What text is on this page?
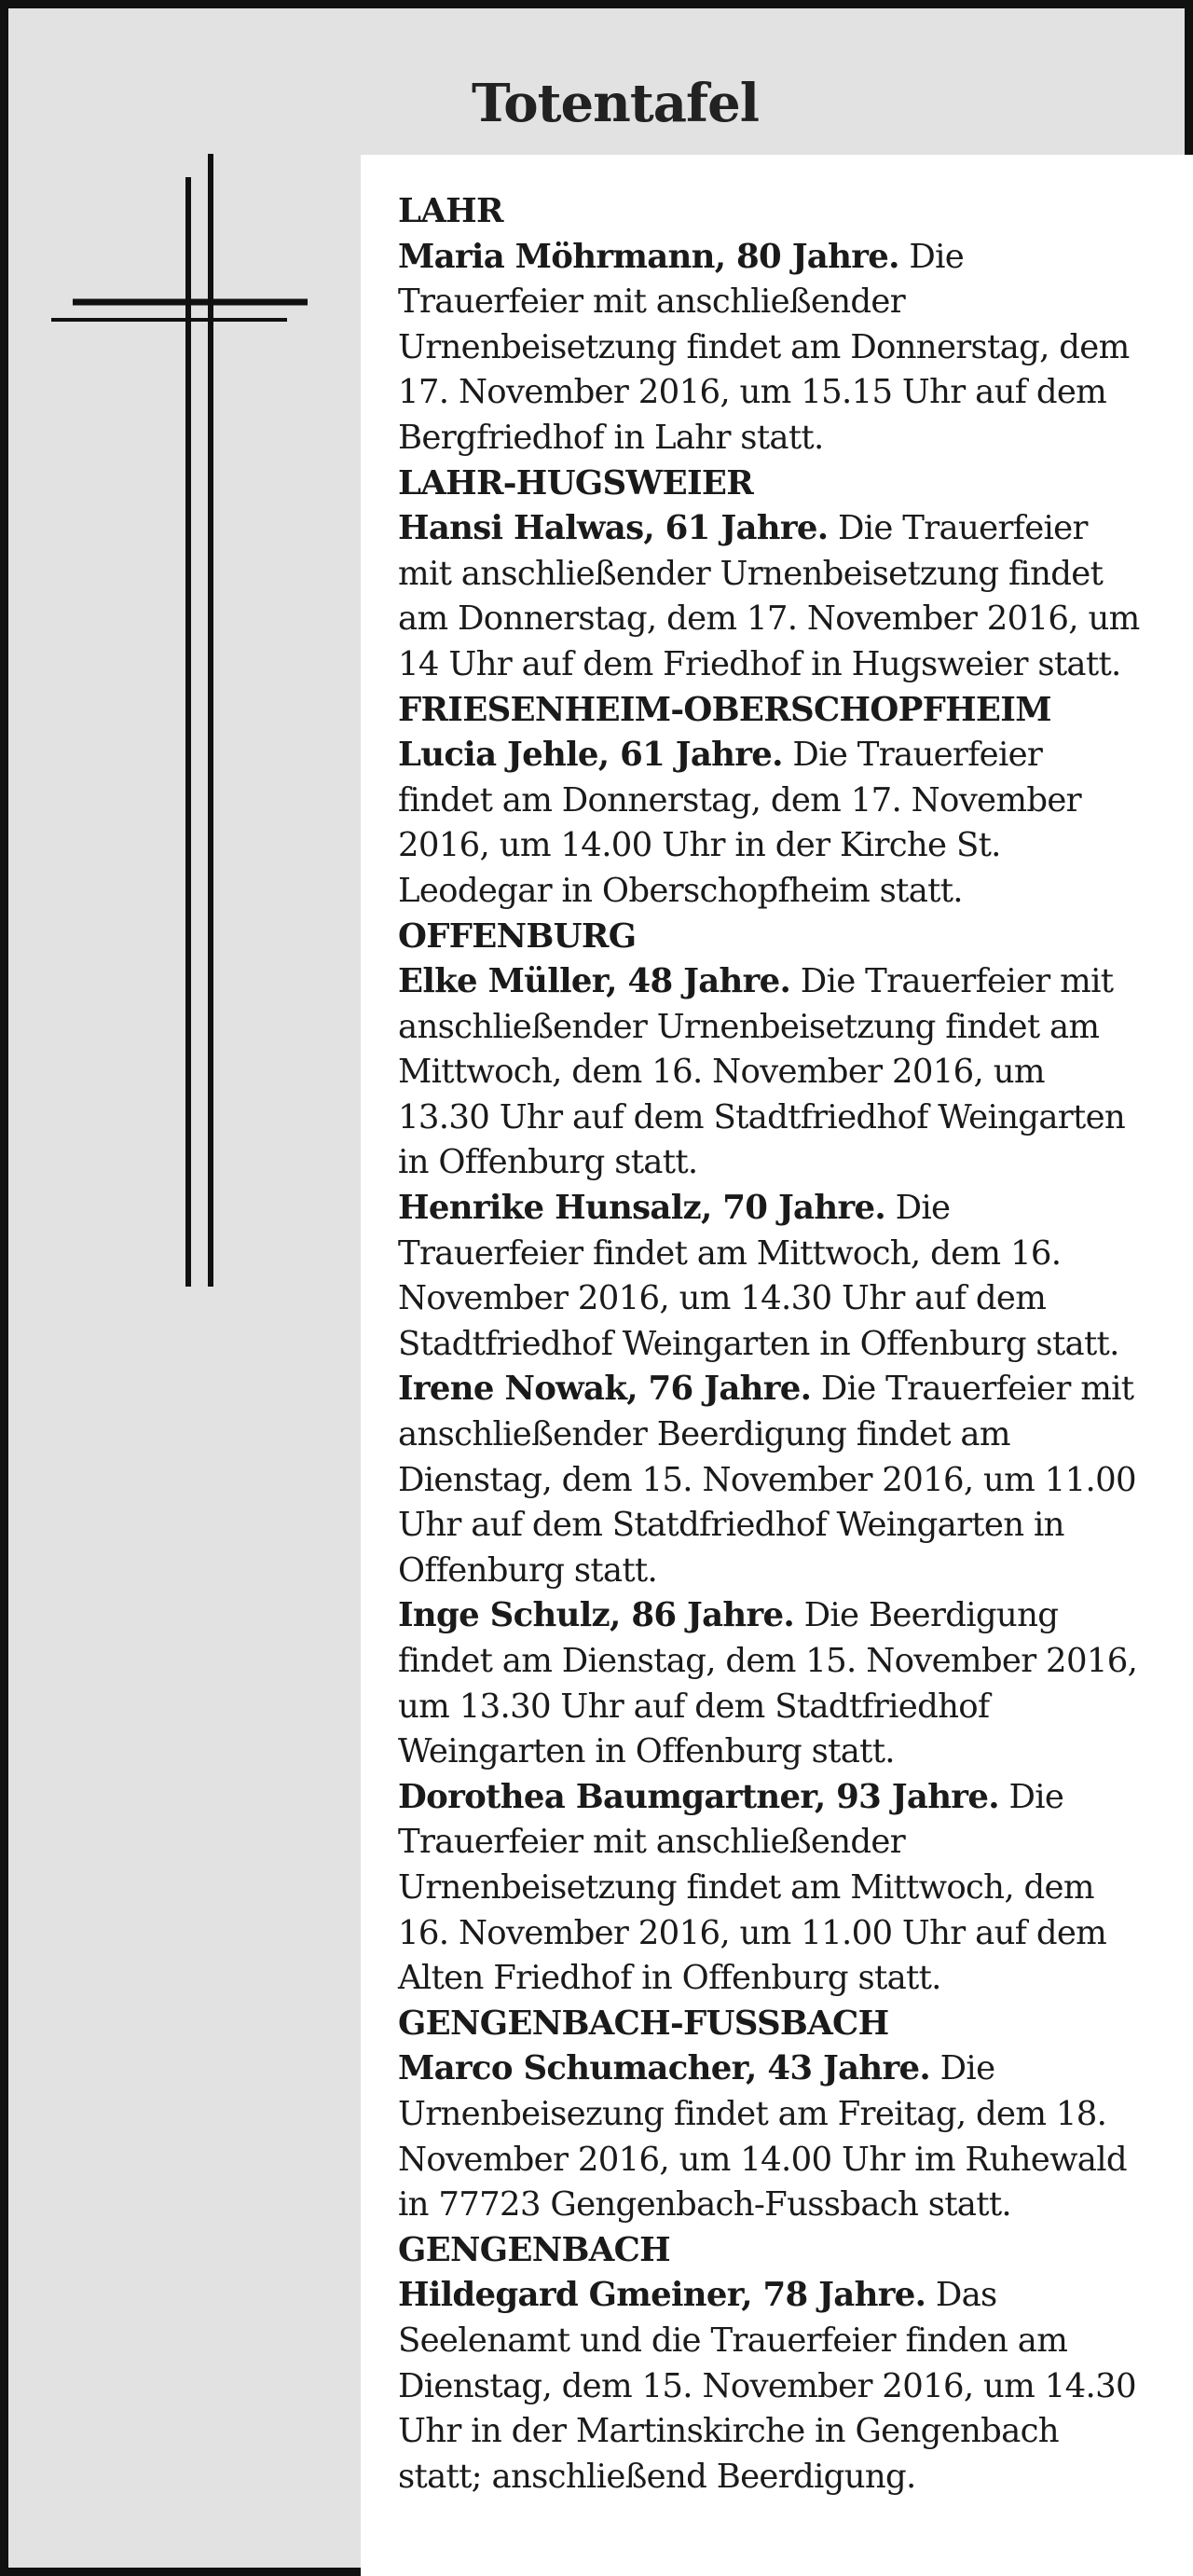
Totentafel
LAHR
Maria Möhrmann, 80 Jahre. Die Trauerfeier mit anschließender Urnenbeisetzung findet am Donnerstag, dem 17. November 2016, um 15.15 Uhr auf dem Bergfriedhof in Lahr statt.
LAHR-HUGSWEIER
Hansi Halwas, 61 Jahre. Die Trauerfeier mit anschließender Urnenbeisetzung findet am Donnerstag, dem 17. November 2016, um 14 Uhr auf dem Friedhof in Hugsweier statt.
FRIESENHEIM-OBERSCHOPFHEIM
Lucia Jehle, 61 Jahre. Die Trauerfeier findet am Donnerstag, dem 17. November 2016, um 14.00 Uhr in der Kirche St. Leodegar in Oberschopfheim statt.
OFFENBURG
Elke Müller, 48 Jahre. Die Trauerfeier mit anschließender Urnenbeisetzung findet am Mittwoch, dem 16. November 2016, um 13.30 Uhr auf dem Stadtfriedhof Weingarten in Offenburg statt.
Henrike Hunsalz, 70 Jahre. Die Trauerfeier findet am Mittwoch, dem 16. November 2016, um 14.30 Uhr auf dem Stadtfriedhof Weingarten in Offenburg statt.
Irene Nowak, 76 Jahre. Die Trauerfeier mit anschließender Beerdigung findet am Dienstag, dem 15. November 2016, um 11.00 Uhr auf dem Statdfriedhof Weingarten in Offenburg statt.
Inge Schulz, 86 Jahre. Die Beerdigung findet am Dienstag, dem 15. November 2016, um 13.30 Uhr auf dem Stadtfriedhof Weingarten in Offenburg statt.
Dorothea Baumgartner, 93 Jahre. Die Trauerfeier mit anschließender Urnenbeisetzung findet am Mittwoch, dem 16. November 2016, um 11.00 Uhr auf dem Alten Friedhof in Offenburg statt.
GENGENBACH-FUSSBACH
Marco Schumacher, 43 Jahre. Die Urnenbeisezung findet am Freitag, dem 18. November 2016, um 14.00 Uhr im Ruhewald in 77723 Gengenbach-Fussbach statt.
GENGENBACH
Hildegard Gmeiner, 78 Jahre. Das Seelenamt und die Trauerfeier finden am Dienstag, dem 15. November 2016, um 14.30 Uhr in der Martinskirche in Gengenbach statt; anschließend Beerdigung.
